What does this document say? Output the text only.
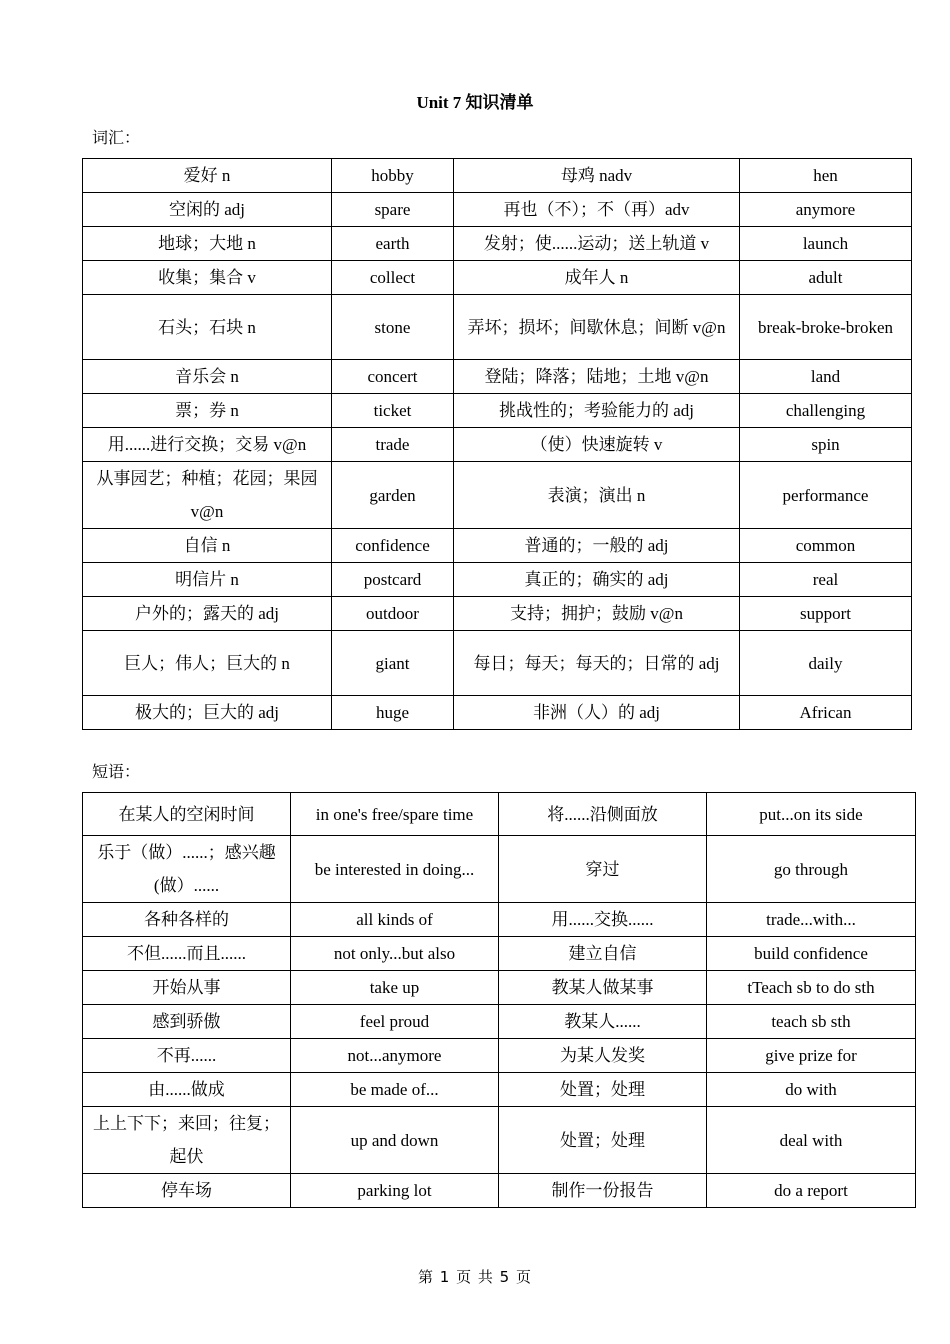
Unit 7 知识清单
词汇：
爱好 n	hobby	母鸡 nadv	hen
空闲的 adj	spare	再也（不）；不（再）adv	anymore
地球；大地 n	earth	发射；使......运动；送上轨道 v	launch
收集；集合 v	collect	成年人 n	adult
石头；石块 n	stone	弄坏；损坏；间歇休息；间断 v@n	break-broke-broken
音乐会 n	concert	登陆；降落；陆地；土地 v@n	land
票；券 n	ticket	挑战性的；考验能力的 adj	challenging
用......进行交换；交易 v@n	trade	（使）快速旋转 v	spin
从事园艺；种植；花园；果园 v@n	garden	表演；演出 n	performance
自信 n	confidence	普通的；一般的 adj	common
明信片 n	postcard	真正的；确实的 adj	real
户外的；露天的 adj	outdoor	支持；拥护；鼓励 v@n	support
巨人；伟人；巨大的 n	giant	每日；每天；每天的；日常的 adj	daily
极大的；巨大的 adj	huge	非洲（人）的 adj	African
短语：
在某人的空闲时间	in one's free/spare time	将......沿侧面放	put...on its side
乐于（做）......；感兴趣(做）......	be interested in doing...	穿过	go through
各种各样的	all kinds of	用......交换......	trade...with...
不但......而且......	not only...but also	建立自信	build confidence
开始从事	take up	教某人做某事	tTeach sb to do sth
感到骄傲	feel proud	教某人......	teach sb sth
不再......	not...anymore	为某人发奖	give prize for
由......做成	be made of...	处置；处理	do with
上上下下；来回；往复；起伏	up and down	处置；处理	deal with
停车场	parking lot	制作一份报告	do a report
第 1 页 共 5 页
